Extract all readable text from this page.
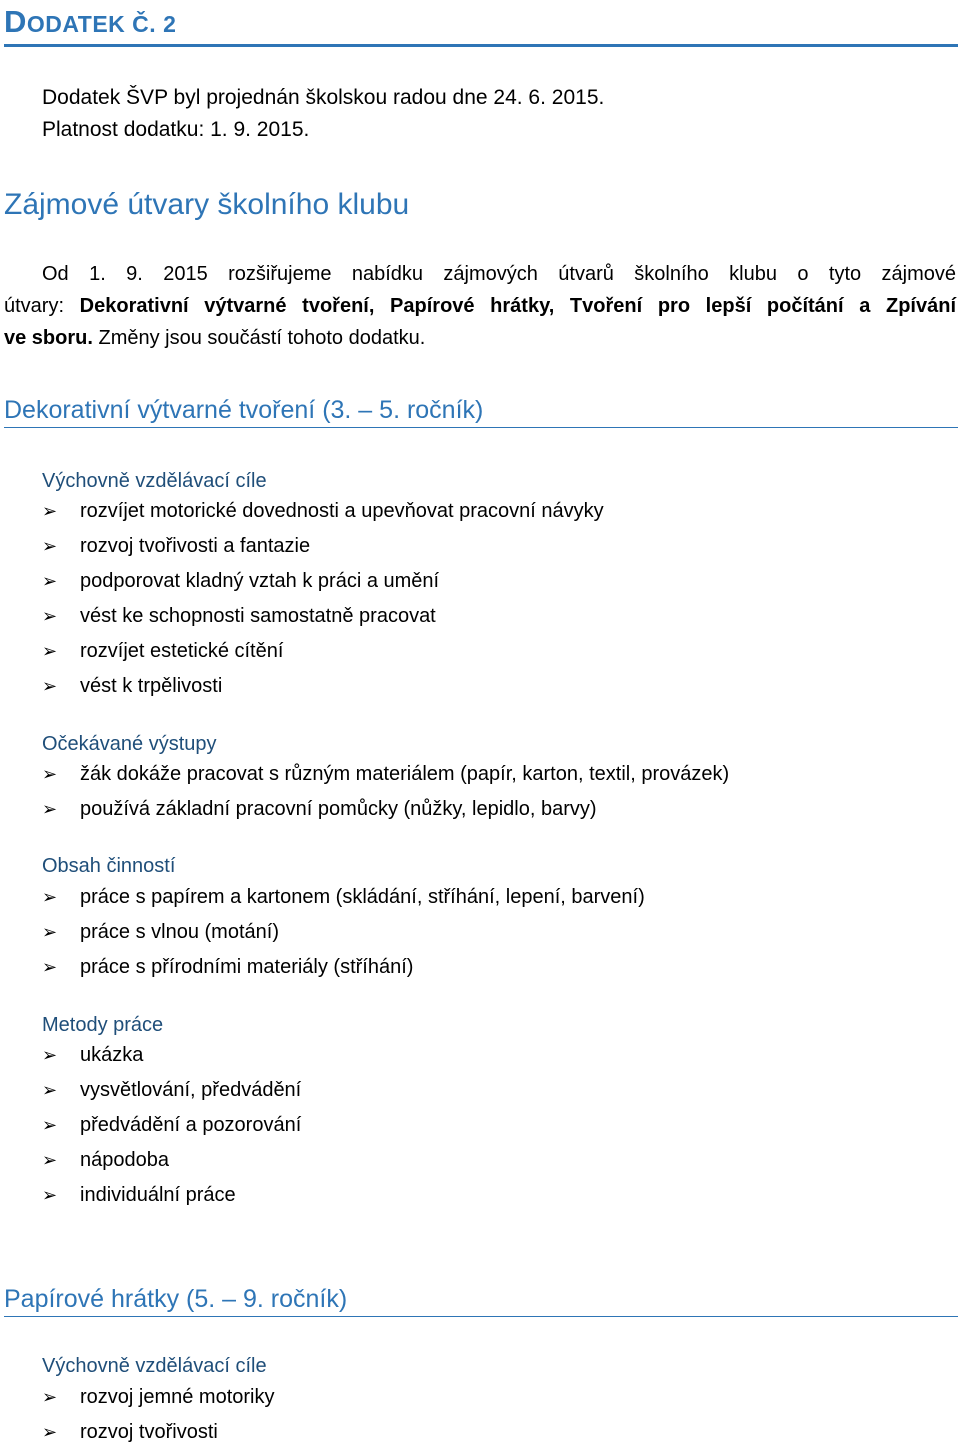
DODATEK Č. 2
Dodatek ŠVP byl projednán školskou radou dne 24. 6. 2015.
Platnost dodatku: 1. 9. 2015.
Zájmové útvary školního klubu
Od 1. 9. 2015 rozšiřujeme nabídku zájmových útvarů školního klubu o tyto zájmové
útvary: Dekorativní výtvarné tvoření, Papírové hrátky, Tvoření pro lepší počítání a Zpívání
ve sboru. Změny jsou součástí tohoto dodatku.
Dekorativní výtvarné tvoření (3. – 5. ročník)
Výchovně vzdělávací cíle
➢ rozvíjet motorické dovednosti a upevňovat pracovní návyky
➢ rozvoj tvořivosti a fantazie
➢ podporovat kladný vztah k práci a umění
➢ vést ke schopnosti samostatně pracovat
➢ rozvíjet estetické cítění
➢ vést k trpělivosti
Očekávané výstupy
➢ žák dokáže pracovat s různým materiálem (papír, karton, textil, provázek)
➢ používá základní pracovní pomůcky (nůžky, lepidlo, barvy)
Obsah činností
➢ práce s papírem a kartonem (skládání, stříhání, lepení, barvení)
➢ práce s vlnou (motání)
➢ práce s přírodními materiály (stříhání)
Metody práce
➢ ukázka
➢ vysvětlování, předvádění
➢ předvádění a pozorování
➢ nápodoba
➢ individuální práce
Papírové hrátky (5. – 9. ročník)
Výchovně vzdělávací cíle
➢ rozvoj jemné motoriky
➢ rozvoj tvořivosti
